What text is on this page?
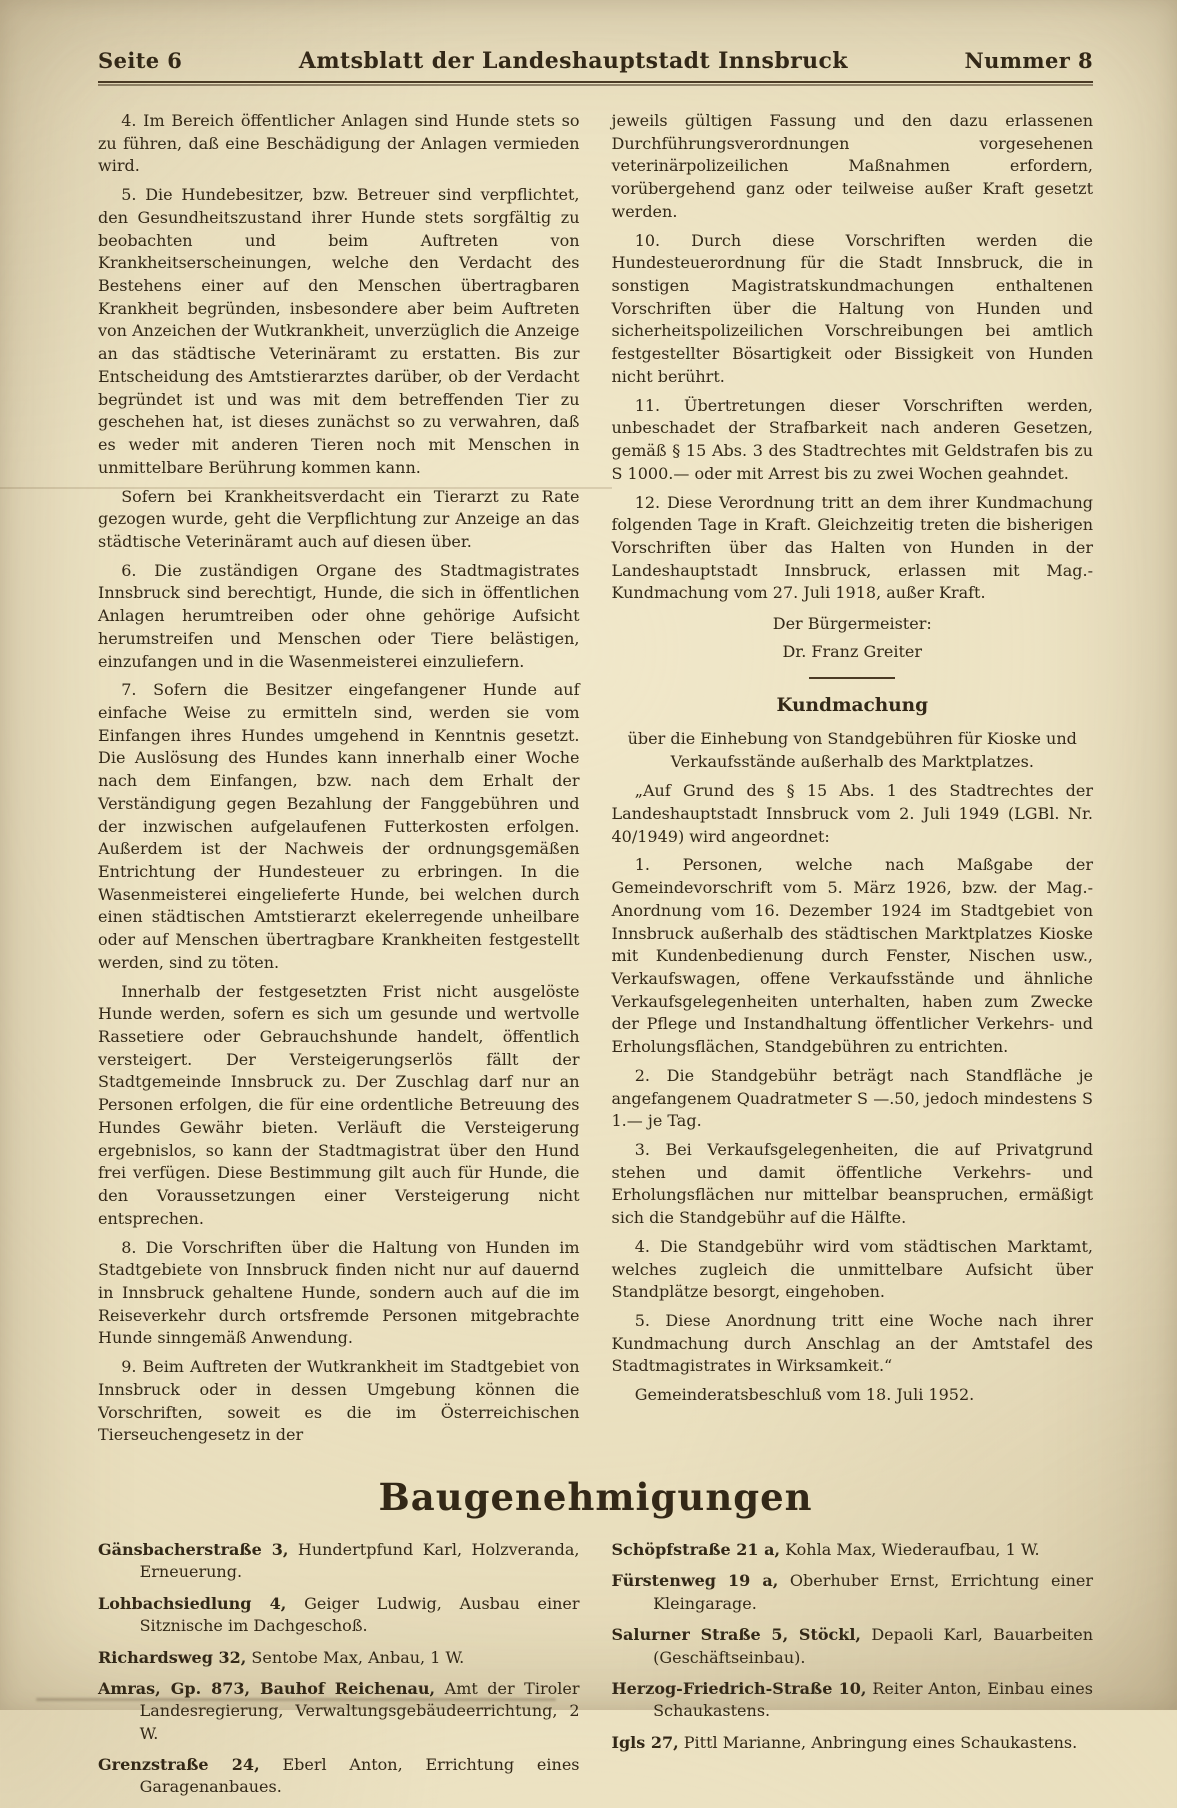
Seite 6	Amtsblatt der Landeshauptstadt Innsbruck	Nummer 8

4. Im Bereich öffentlicher Anlagen sind Hunde stets so zu führen, daß eine Beschädigung der Anlagen vermieden wird.

5. Die Hundebesitzer, bzw. Betreuer sind verpflichtet, den Gesundheitszustand ihrer Hunde stets sorgfältig zu beobachten und beim Auftreten von Krankheitserscheinungen, welche den Verdacht des Bestehens einer auf den Menschen übertragbaren Krankheit begründen, insbesondere aber beim Auftreten von Anzeichen der Wutkrankheit, unverzüglich die Anzeige an das städtische Veterinäramt zu erstatten. Bis zur Entscheidung des Amtstierarztes darüber, ob der Verdacht begründet ist und was mit dem betreffenden Tier zu geschehen hat, ist dieses zunächst so zu verwahren, daß es weder mit anderen Tieren noch mit Menschen in unmittelbare Berührung kommen kann.

Sofern bei Krankheitsverdacht ein Tierarzt zu Rate gezogen wurde, geht die Verpflichtung zur Anzeige an das städtische Veterinäramt auch auf diesen über.

6. Die zuständigen Organe des Stadtmagistrates Innsbruck sind berechtigt, Hunde, die sich in öffentlichen Anlagen herumtreiben oder ohne gehörige Aufsicht herumstreifen und Menschen oder Tiere belästigen, einzufangen und in die Wasenmeisterei einzuliefern.

7. Sofern die Besitzer eingefangener Hunde auf einfache Weise zu ermitteln sind, werden sie vom Einfangen ihres Hundes umgehend in Kenntnis gesetzt. Die Auslösung des Hundes kann innerhalb einer Woche nach dem Einfangen, bzw. nach dem Erhalt der Verständigung gegen Bezahlung der Fanggebühren und der inzwischen aufgelaufenen Futterkosten erfolgen. Außerdem ist der Nachweis der ordnungsgemäßen Entrichtung der Hundesteuer zu erbringen. In die Wasenmeisterei eingelieferte Hunde, bei welchen durch einen städtischen Amtstierarzt ekelerregende unheilbare oder auf Menschen übertragbare Krankheiten festgestellt werden, sind zu töten.

Innerhalb der festgesetzten Frist nicht ausgelöste Hunde werden, sofern es sich um gesunde und wertvolle Rassetiere oder Gebrauchshunde handelt, öffentlich versteigert. Der Versteigerungserlös fällt der Stadtgemeinde Innsbruck zu. Der Zuschlag darf nur an Personen erfolgen, die für eine ordentliche Betreuung des Hundes Gewähr bieten. Verläuft die Versteigerung ergebnislos, so kann der Stadtmagistrat über den Hund frei verfügen. Diese Bestimmung gilt auch für Hunde, die den Voraussetzungen einer Versteigerung nicht entsprechen.

8. Die Vorschriften über die Haltung von Hunden im Stadtgebiete von Innsbruck finden nicht nur auf dauernd in Innsbruck gehaltene Hunde, sondern auch auf die im Reiseverkehr durch ortsfremde Personen mitgebrachte Hunde sinngemäß Anwendung.

9. Beim Auftreten der Wutkrankheit im Stadtgebiet von Innsbruck oder in dessen Umgebung können die Vorschriften, soweit es die im Österreichischen Tierseuchengesetz in der

jeweils gültigen Fassung und den dazu erlassenen Durchführungsverordnungen vorgesehenen veterinärpolizeilichen Maßnahmen erfordern, vorübergehend ganz oder teilweise außer Kraft gesetzt werden.

10. Durch diese Vorschriften werden die Hundesteuerordnung für die Stadt Innsbruck, die in sonstigen Magistratskundmachungen enthaltenen Vorschriften über die Haltung von Hunden und sicherheitspolizeilichen Vorschreibungen bei amtlich festgestellter Bösartigkeit oder Bissigkeit von Hunden nicht berührt.

11. Übertretungen dieser Vorschriften werden, unbeschadet der Strafbarkeit nach anderen Gesetzen, gemäß § 15 Abs. 3 des Stadtrechtes mit Geldstrafen bis zu S 1000.— oder mit Arrest bis zu zwei Wochen geahndet.

12. Diese Verordnung tritt an dem ihrer Kundmachung folgenden Tage in Kraft. Gleichzeitig treten die bisherigen Vorschriften über das Halten von Hunden in der Landeshauptstadt Innsbruck, erlassen mit Mag.-Kundmachung vom 27. Juli 1918, außer Kraft.

Der Bürgermeister:

Dr. Franz Greiter

Kundmachung

über die Einhebung von Standgebühren für Kioske und Verkaufsstände außerhalb des Marktplatzes.

„Auf Grund des § 15 Abs. 1 des Stadtrechtes der Landeshauptstadt Innsbruck vom 2. Juli 1949 (LGBl. Nr. 40/1949) wird angeordnet:

1. Personen, welche nach Maßgabe der Gemeindevorschrift vom 5. März 1926, bzw. der Mag.-Anordnung vom 16. Dezember 1924 im Stadtgebiet von Innsbruck außerhalb des städtischen Marktplatzes Kioske mit Kundenbedienung durch Fenster, Nischen usw., Verkaufswagen, offene Verkaufsstände und ähnliche Verkaufsgelegenheiten unterhalten, haben zum Zwecke der Pflege und Instandhaltung öffentlicher Verkehrs- und Erholungsflächen, Standgebühren zu entrichten.

2. Die Standgebühr beträgt nach Standfläche je angefangenem Quadratmeter S —.50, jedoch mindestens S 1.— je Tag.

3. Bei Verkaufsgelegenheiten, die auf Privatgrund stehen und damit öffentliche Verkehrs- und Erholungsflächen nur mittelbar beanspruchen, ermäßigt sich die Standgebühr auf die Hälfte.

4. Die Standgebühr wird vom städtischen Marktamt, welches zugleich die unmittelbare Aufsicht über Standplätze besorgt, eingehoben.

5. Diese Anordnung tritt eine Woche nach ihrer Kundmachung durch Anschlag an der Amtstafel des Stadtmagistrates in Wirksamkeit.“

Gemeinderatsbeschluß vom 18. Juli 1952.

Baugenehmigungen

Gänsbacherstraße 3, Hundertpfund Karl, Holzveranda, Erneuerung.

Lohbachsiedlung 4, Geiger Ludwig, Ausbau einer Sitznische im Dachgeschoß.

Richardsweg 32, Sentobe Max, Anbau, 1 W.

Amras, Gp. 873, Bauhof Reichenau, Amt der Tiroler Landesregierung, Verwaltungsgebäudeerrichtung, 2 W.

Grenzstraße 24, Eberl Anton, Errichtung eines Garagenanbaues.

Schöpfstraße 21 a, Kohla Max, Wiederaufbau, 1 W.

Fürstenweg 19 a, Oberhuber Ernst, Errichtung einer Kleingarage.

Salurner Straße 5, Stöckl, Depaoli Karl, Bauarbeiten (Geschäftseinbau).

Herzog-Friedrich-Straße 10, Reiter Anton, Einbau eines Schaukastens.

Igls 27, Pittl Marianne, Anbringung eines Schaukastens.
